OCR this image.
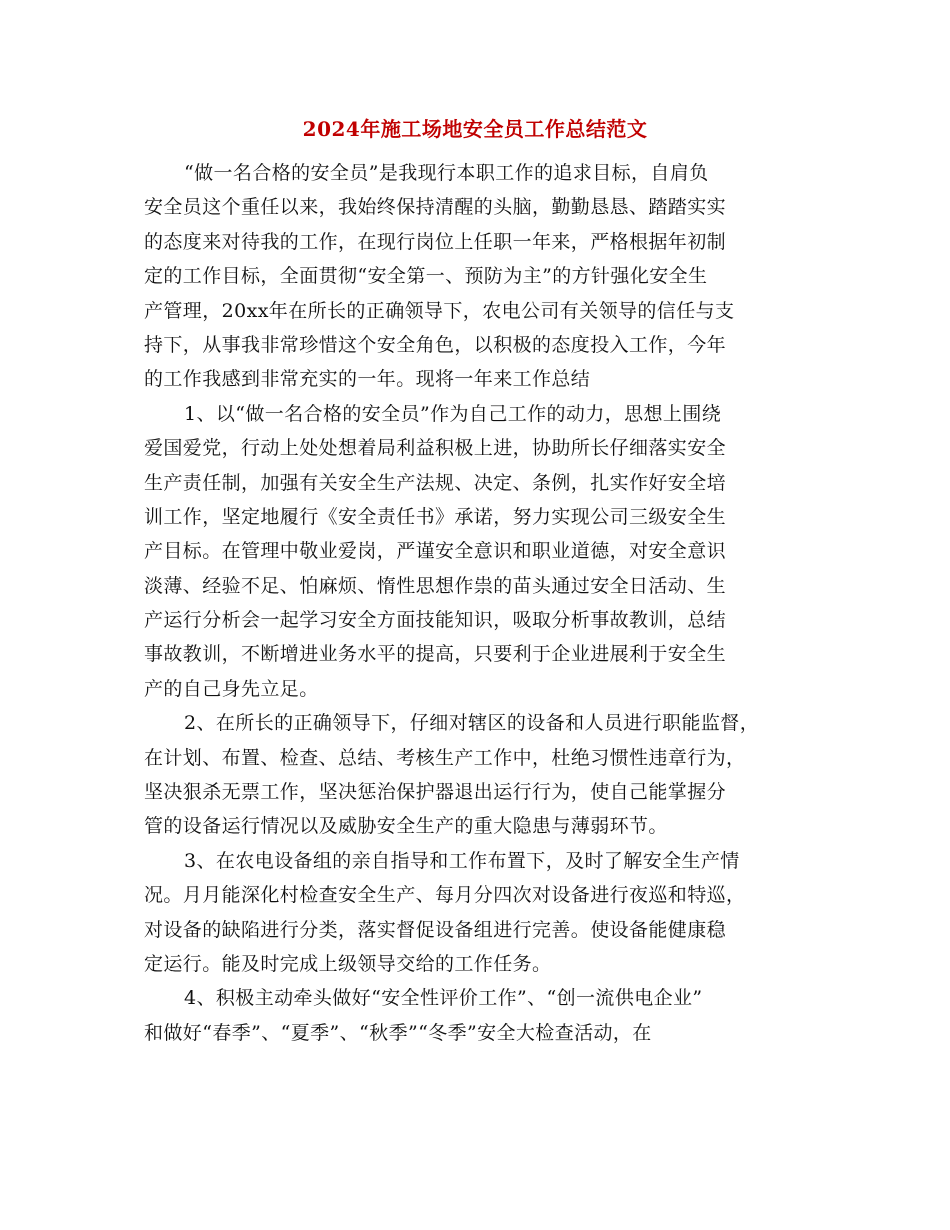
2024年施工场地安全员工作总结范文
“做一名合格的安全员”是我现行本职工作的追求目标，自肩负
安全员这个重任以来，我始终保持清醒的头脑，勤勤恳恳、踏踏实实
的态度来对待我的工作，在现行岗位上任职一年来，严格根据年初制
定的工作目标，全面贯彻“安全第一、预防为主”的方针强化安全生
产管理，20xx年在所长的正确领导下，农电公司有关领导的信任与支
持下，从事我非常珍惜这个安全角色，以积极的态度投入工作，今年
的工作我感到非常充实的一年。现将一年来工作总结
1、以“做一名合格的安全员”作为自己工作的动力，思想上围绕
爱国爱党，行动上处处想着局利益积极上进，协助所长仔细落实安全
生产责任制，加强有关安全生产法规、决定、条例，扎实作好安全培
训工作，坚定地履行《安全责任书》承诺，努力实现公司三级安全生
产目标。在管理中敬业爱岗，严谨安全意识和职业道德，对安全意识
淡薄、经验不足、怕麻烦、惰性思想作祟的苗头通过安全日活动、生
产运行分析会一起学习安全方面技能知识，吸取分析事故教训，总结
事故教训，不断增进业务水平的提高，只要利于企业进展利于安全生
产的自己身先立足。
2、在所长的正确领导下，仔细对辖区的设备和人员进行职能监督，
在计划、布置、检查、总结、考核生产工作中，杜绝习惯性违章行为，
坚决狠杀无票工作，坚决惩治保护器退出运行行为，使自己能掌握分
管的设备运行情况以及威胁安全生产的重大隐患与薄弱环节。
3、在农电设备组的亲自指导和工作布置下，及时了解安全生产情
况。月月能深化村检查安全生产、每月分四次对设备进行夜巡和特巡，
对设备的缺陷进行分类，落实督促设备组进行完善。使设备能健康稳
定运行。能及时完成上级领导交给的工作任务。
4、积极主动牵头做好“安全性评价工作”、“创一流供电企业”
和做好“春季”、“夏季”、“秋季”“冬季”安全大检查活动，在
